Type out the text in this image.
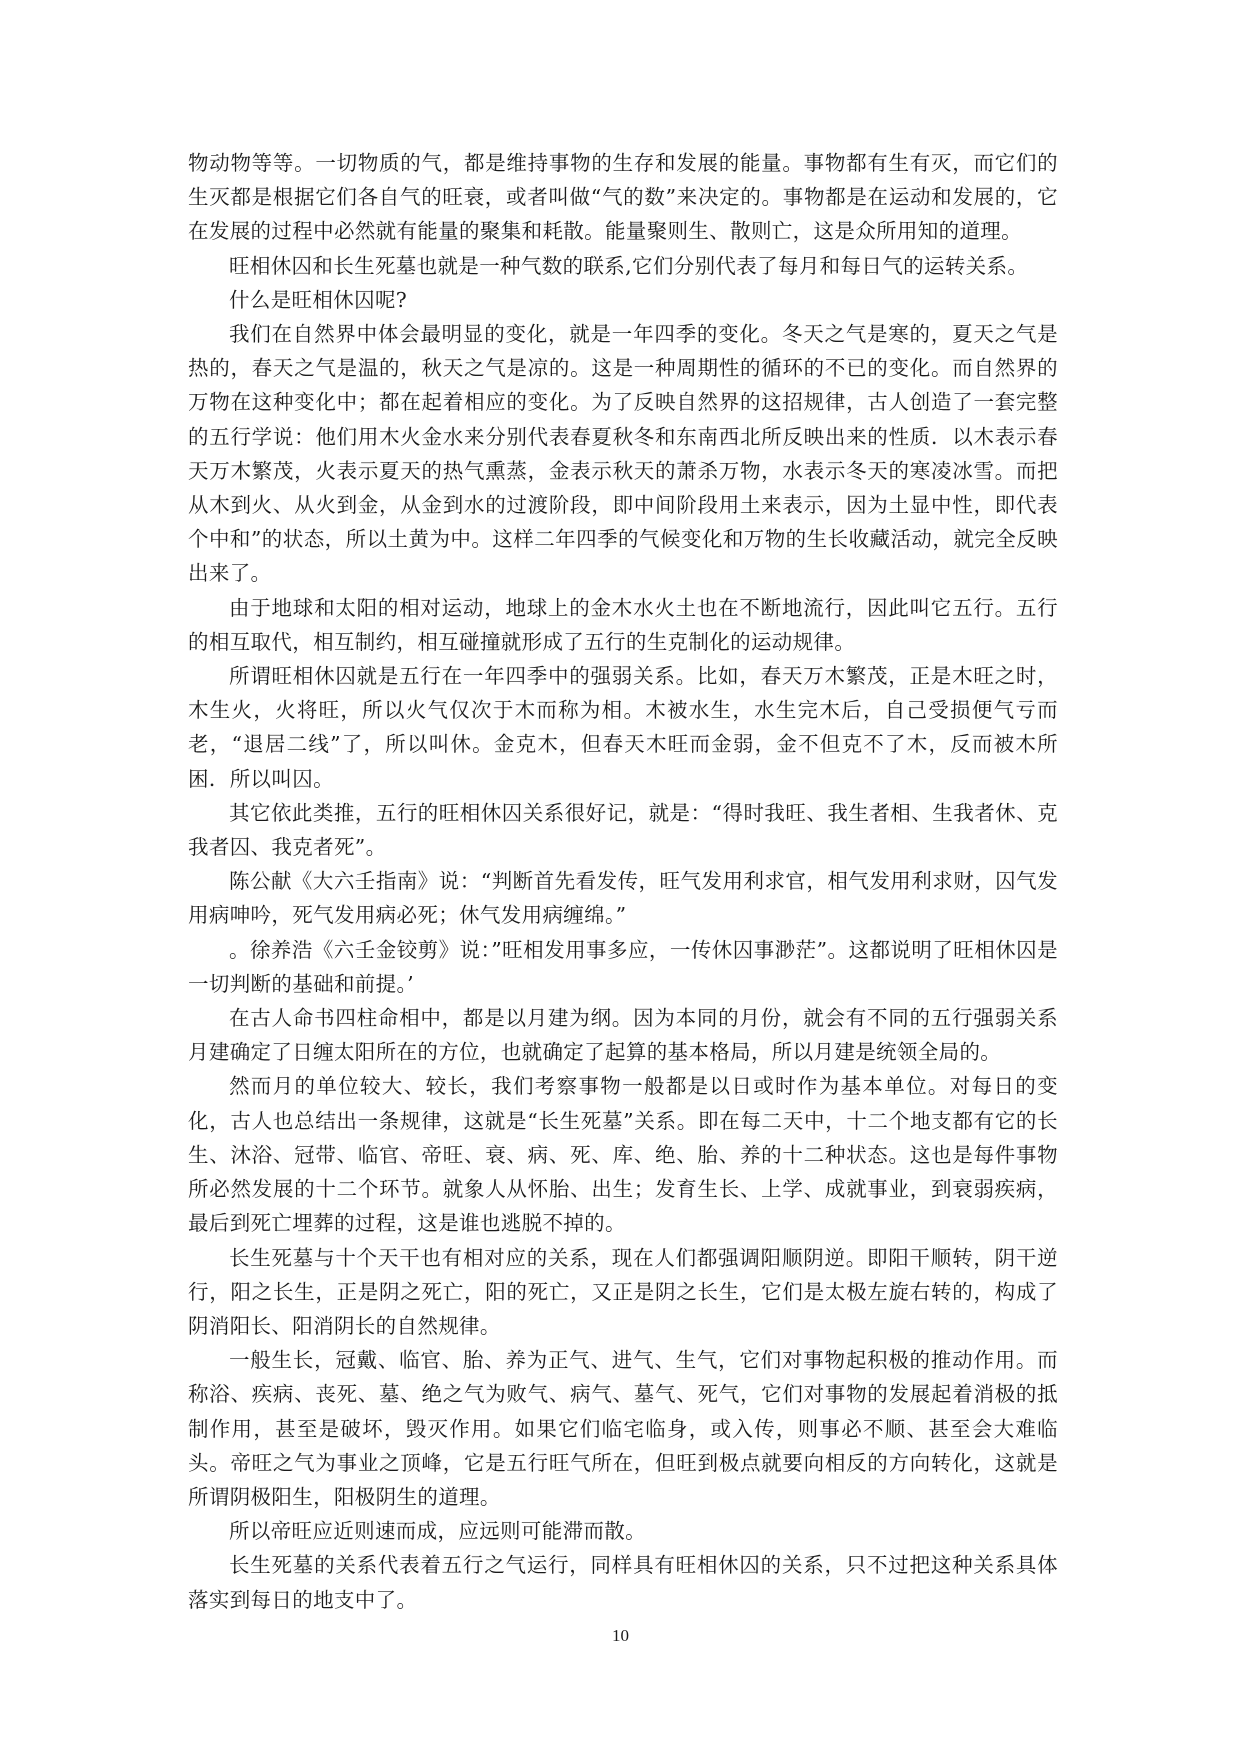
物动物等等。一切物质的气，都是维持事物的生存和发展的能量。事物都有生有灭，而它们的生灭都是根据它们各自气的旺衰，或者叫做“气的数”来决定的。事物都是在运动和发展的，它在发展的过程中必然就有能量的聚集和耗散。能量聚则生、散则亡，这是众所用知的道理。

旺相休囚和长生死墓也就是一种气数的联系,它们分别代表了每月和每日气的运转关系。

什么是旺相休囚呢?

我们在自然界中体会最明显的变化，就是一年四季的变化。冬天之气是寒的，夏天之气是热的，春天之气是温的，秋天之气是凉的。这是一种周期性的循环的不已的变化。而自然界的万物在这种变化中；都在起着相应的变化。为了反映自然界的这招规律，古人创造了一套完整的五行学说：他们用木火金水来分别代表春夏秋冬和东南西北所反映出来的性质．以木表示春天万木繁茂，火表示夏天的热气熏蒸，金表示秋天的萧杀万物，水表示冬天的寒凌冰雪。而把从木到火、从火到金，从金到水的过渡阶段，即中间阶段用土来表示，因为土显中性，即代表个中和”的状态，所以土黄为中。这样二年四季的气候变化和万物的生长收藏活动，就完全反映出来了。

由于地球和太阳的相对运动，地球上的金木水火土也在不断地流行，因此叫它五行。五行的相互取代，相互制约，相互碰撞就形成了五行的生克制化的运动规律。

所谓旺相休囚就是五行在一年四季中的强弱关系。比如，春天万木繁茂，正是木旺之时，木生火，火将旺，所以火气仅次于木而称为相。木被水生，水生完木后，自己受损便气亏而老，“退居二线”了，所以叫休。金克木，但春天木旺而金弱，金不但克不了木，反而被木所困．所以叫囚。

其它依此类推，五行的旺相休囚关系很好记，就是：“得时我旺、我生者相、生我者休、克我者囚、我克者死”。

陈公献《大六壬指南》说：“判断首先看发传，旺气发用利求官，相气发用利求财，囚气发用病呻吟，死气发用病必死；休气发用病缠绵。”

。徐养浩《六壬金铰剪》说：”旺相发用事多应，一传休囚事渺茫”。这都说明了旺相休囚是一切判断的基础和前提。’

在古人命书四柱命相中，都是以月建为纲。因为本同的月份，就会有不同的五行强弱关系月建确定了日缠太阳所在的方位，也就确定了起算的基本格局，所以月建是统领全局的。

然而月的单位较大、较长，我们考察事物一般都是以日或时作为基本单位。对每日的变化，古人也总结出一条规律，这就是“长生死墓”关系。即在每二天中，十二个地支都有它的长生、沐浴、冠带、临官、帝旺、衰、病、死、库、绝、胎、养的十二种状态。这也是每件事物所必然发展的十二个环节。就象人从怀胎、出生；发育生长、上学、成就事业，到衰弱疾病，最后到死亡埋葬的过程，这是谁也逃脱不掉的。

长生死墓与十个天干也有相对应的关系，现在人们都强调阳顺阴逆。即阳干顺转，阴干逆行，阳之长生，正是阴之死亡，阳的死亡，又正是阴之长生，它们是太极左旋右转的，构成了阴消阳长、阳消阴长的自然规律。

一般生长，冠戴、临官、胎、养为正气、进气、生气，它们对事物起积极的推动作用。而称浴、疾病、丧死、墓、绝之气为败气、病气、墓气、死气，它们对事物的发展起着消极的抵制作用，甚至是破坏，毁灭作用。如果它们临宅临身，或入传，则事必不顺、甚至会大难临头。帝旺之气为事业之顶峰，它是五行旺气所在，但旺到极点就要向相反的方向转化，这就是所谓阴极阳生，阳极阴生的道理。

所以帝旺应近则速而成，应远则可能滞而散。

长生死墓的关系代表着五行之气运行，同样具有旺相休囚的关系，只不过把这种关系具体落实到每日的地支中了。

10
